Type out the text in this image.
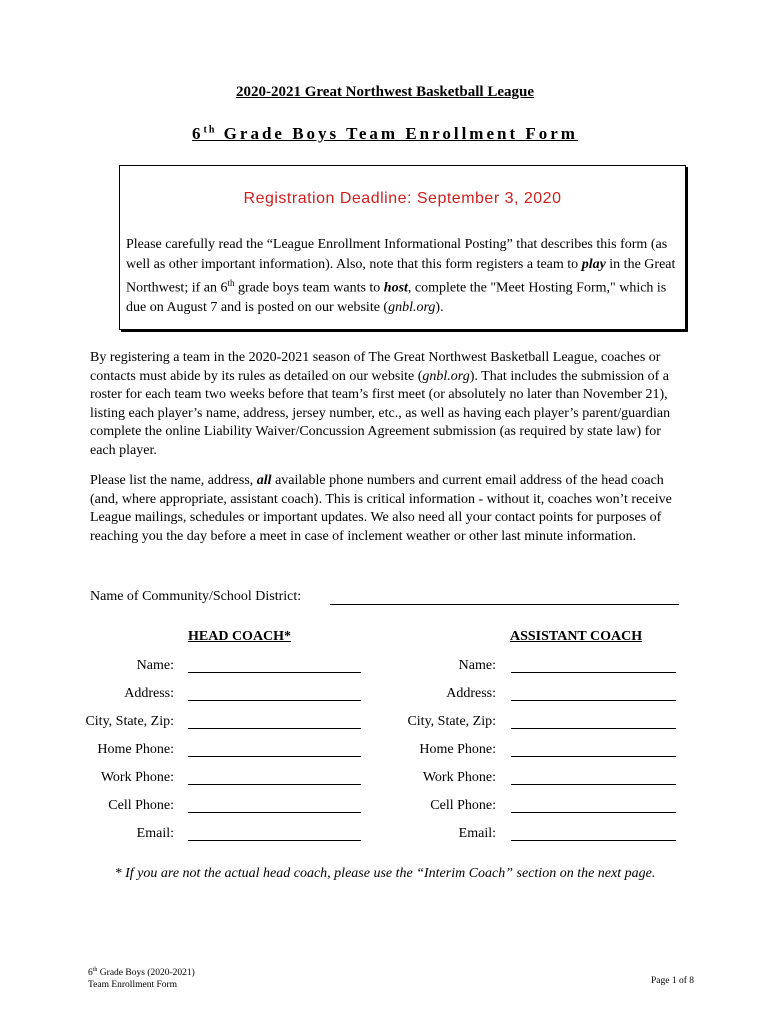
2020-2021 Great Northwest Basketball League
6th Grade Boys Team Enrollment Form
Registration Deadline: September 3, 2020
Please carefully read the “League Enrollment Informational Posting” that describes this form (as well as other important information). Also, note that this form registers a team to play in the Great Northwest; if an 6th grade boys team wants to host, complete the "Meet Hosting Form," which is due on August 7 and is posted on our website (gnbl.org).
By registering a team in the 2020-2021 season of The Great Northwest Basketball League, coaches or contacts must abide by its rules as detailed on our website (gnbl.org). That includes the submission of a roster for each team two weeks before that team’s first meet (or absolutely no later than November 21), listing each player’s name, address, jersey number, etc., as well as having each player’s parent/guardian complete the online Liability Waiver/Concussion Agreement submission (as required by state law) for each player.
Please list the name, address, all available phone numbers and current email address of the head coach (and, where appropriate, assistant coach). This is critical information - without it, coaches won’t receive League mailings, schedules or important updates. We also need all your contact points for purposes of reaching you the day before a meet in case of inclement weather or other last minute information.
Name of Community/School District:
HEAD COACH*	ASSISTANT COACH
Name:
Address:
City, State, Zip:
Home Phone:
Work Phone:
Cell Phone:
Email:
Name:
Address:
City, State, Zip:
Home Phone:
Work Phone:
Cell Phone:
Email:
* If you are not the actual head coach, please use the “Interim Coach” section on the next page.
6th Grade Boys (2020-2021)
Team Enrollment Form	Page 1 of 8
